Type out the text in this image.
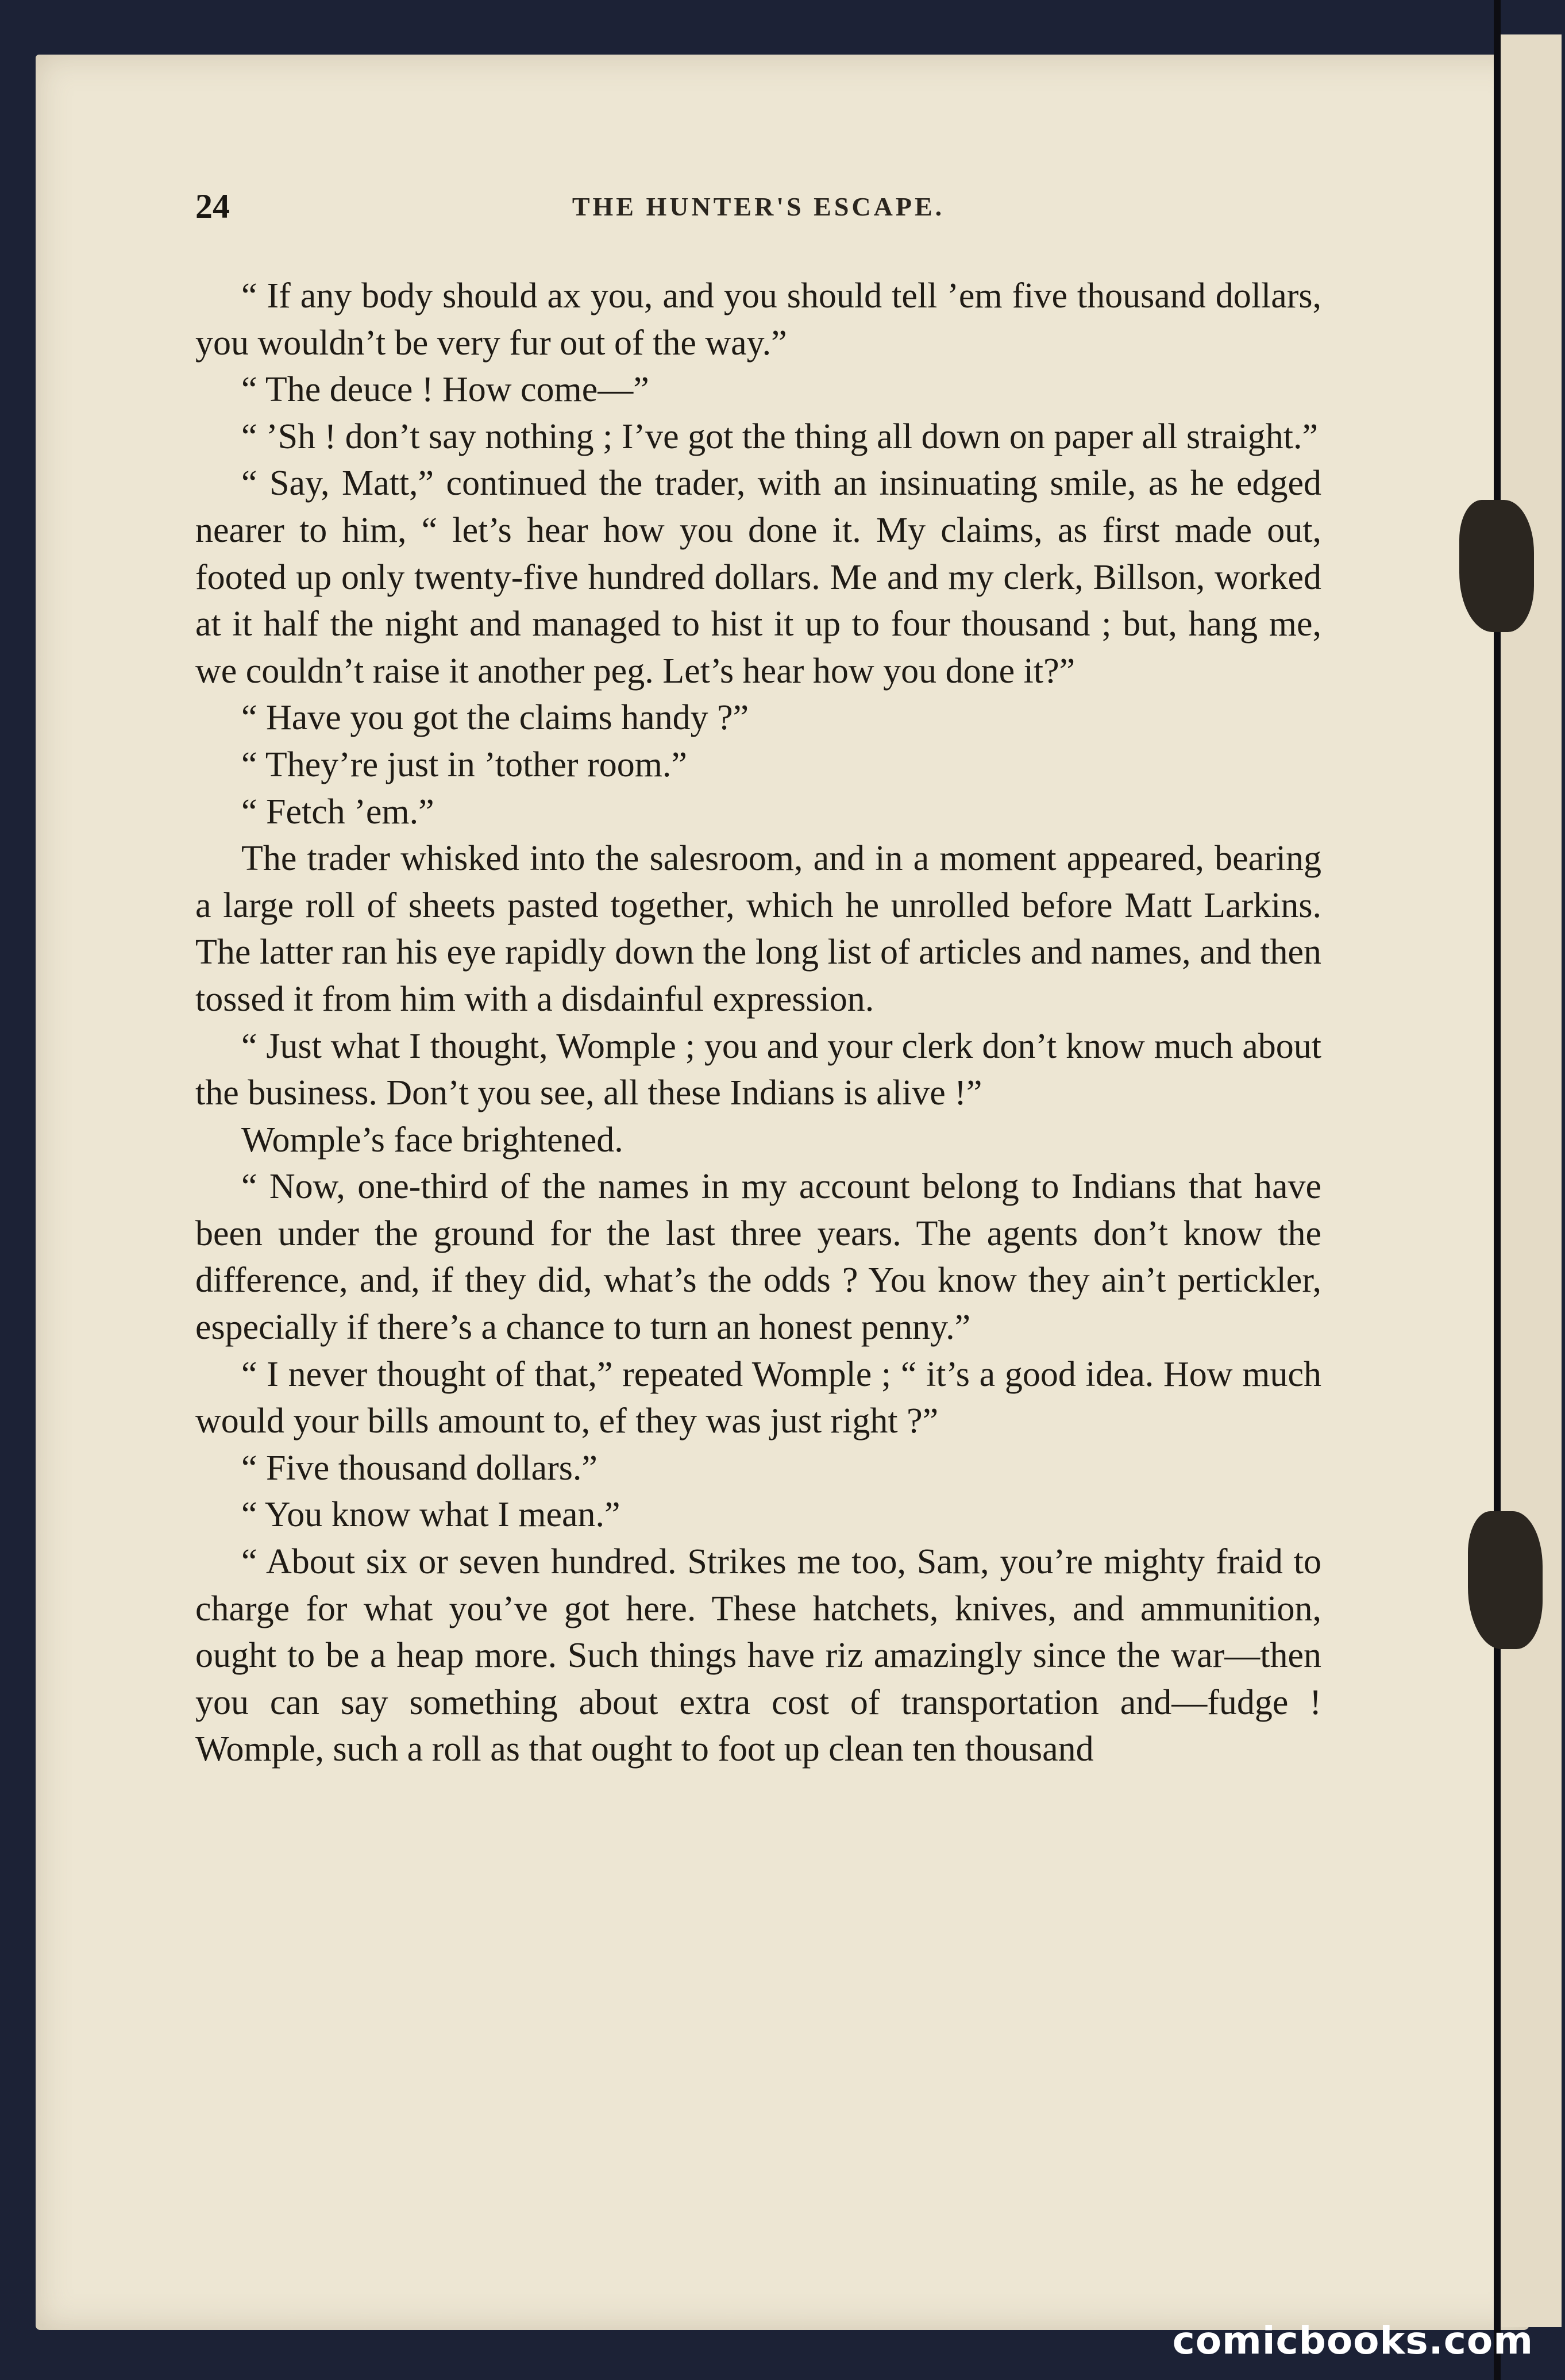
24	THE HUNTER'S ESCAPE.

“ If any body should ax you, and you should tell ’em five thousand dollars, you wouldn’t be very fur out of the way.”

“ The deuce ! How come—”

“ ’Sh ! don’t say nothing ; I’ve got the thing all down on paper all straight.”

“ Say, Matt,” continued the trader, with an insinuating smile, as he edged nearer to him, “ let’s hear how you done it. My claims, as first made out, footed up only twenty-five hundred dollars. Me and my clerk, Billson, worked at it half the night and managed to hist it up to four thousand ; but, hang me, we couldn’t raise it another peg. Let’s hear how you done it?”

“ Have you got the claims handy ?”

“ They’re just in ’tother room.”

“ Fetch ’em.”

The trader whisked into the salesroom, and in a moment appeared, bearing a large roll of sheets pasted together, which he unrolled before Matt Larkins. The latter ran his eye rapidly down the long list of articles and names, and then tossed it from him with a disdainful expression.

“ Just what I thought, Womple ; you and your clerk don’t know much about the business. Don’t you see, all these Indians is alive !”

Womple’s face brightened.

“ Now, one-third of the names in my account belong to Indians that have been under the ground for the last three years. The agents don’t know the difference, and, if they did, what’s the odds ? You know they ain’t pertickler, especially if there’s a chance to turn an honest penny.”

“ I never thought of that,” repeated Womple ; “ it’s a good idea. How much would your bills amount to, ef they was just right ?”

“ Five thousand dollars.”

“ You know what I mean.”

“ About six or seven hundred. Strikes me too, Sam, you’re mighty fraid to charge for what you’ve got here. These hatchets, knives, and ammunition, ought to be a heap more. Such things have riz amazingly since the war—then you can say something about extra cost of transportation and—fudge ! Womple, such a roll as that ought to foot up clean ten thousand

comicbooks.com
